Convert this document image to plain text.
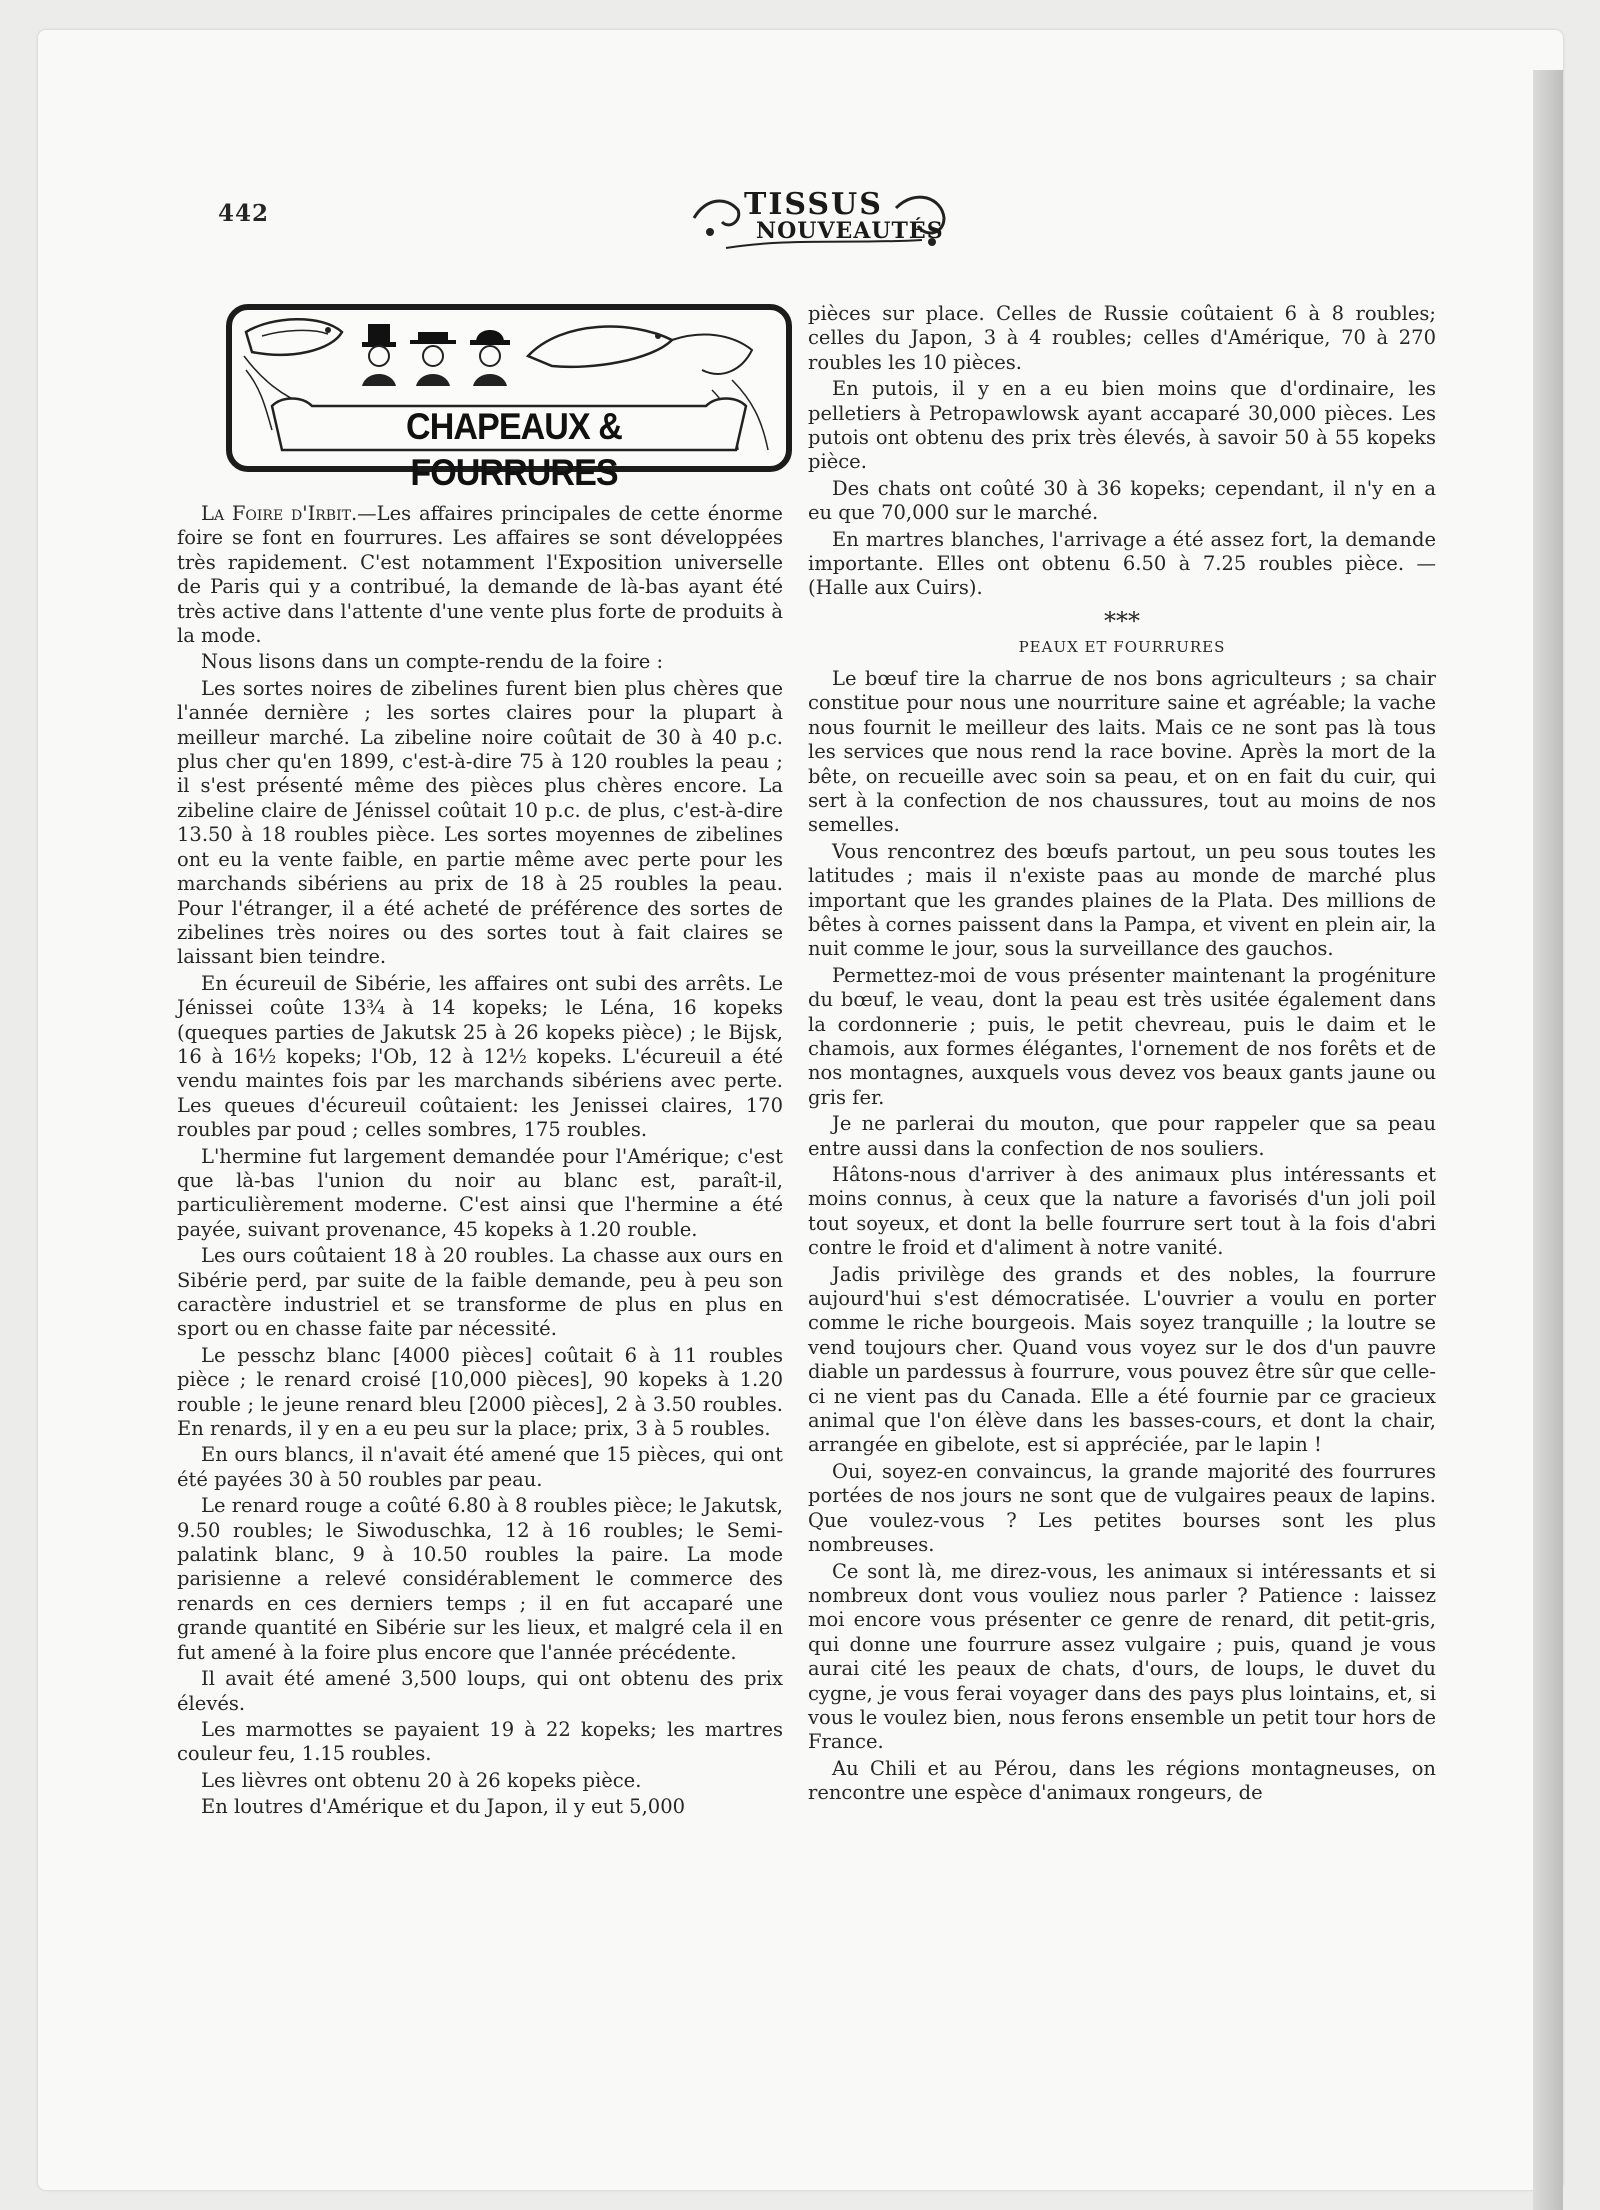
442	TISSUS
NOUVEAUTÉS
CHAPEAUX & FOURRURES

La Foire d'Irbit.—Les affaires principales de cette énorme foire se font en fourrures. Les affaires se sont développées très rapidement. C'est notamment l'Exposition universelle de Paris qui y a contribué, la demande de là-bas ayant été très active dans l'attente d'une vente plus forte de produits à la mode.

Nous lisons dans un compte-rendu de la foire :

Les sortes noires de zibelines furent bien plus chères que l'année dernière ; les sortes claires pour la plupart à meilleur marché. La zibeline noire coûtait de 30 à 40 p.c. plus cher qu'en 1899, c'est-à-dire 75 à 120 roubles la peau ; il s'est présenté même des pièces plus chères encore. La zibeline claire de Jénissel coûtait 10 p.c. de plus, c'est-à-dire 13.50 à 18 roubles pièce. Les sortes moyennes de zibelines ont eu la vente faible, en partie même avec perte pour les marchands sibériens au prix de 18 à 25 roubles la peau. Pour l'étranger, il a été acheté de préférence des sortes de zibelines très noires ou des sortes tout à fait claires se laissant bien teindre.

En écureuil de Sibérie, les affaires ont subi des arrêts. Le Jénissei coûte 13¾ à 14 kopeks; le Léna, 16 kopeks (queques parties de Jakutsk 25 à 26 kopeks pièce) ; le Bijsk, 16 à 16½ kopeks; l'Ob, 12 à 12½ kopeks. L'écureuil a été vendu maintes fois par les marchands sibériens avec perte. Les queues d'écureuil coûtaient: les Jenissei claires, 170 roubles par poud ; celles sombres, 175 roubles.

L'hermine fut largement demandée pour l'Amérique; c'est que là-bas l'union du noir au blanc est, paraît-il, particulièrement moderne. C'est ainsi que l'hermine a été payée, suivant provenance, 45 kopeks à 1.20 rouble.

Les ours coûtaient 18 à 20 roubles. La chasse aux ours en Sibérie perd, par suite de la faible demande, peu à peu son caractère industriel et se transforme de plus en plus en sport ou en chasse faite par nécessité.

Le pesschz blanc [4000 pièces] coûtait 6 à 11 roubles pièce ; le renard croisé [10,000 pièces], 90 kopeks à 1.20 rouble ; le jeune renard bleu [2000 pièces], 2 à 3.50 roubles. En renards, il y en a eu peu sur la place; prix, 3 à 5 roubles.

En ours blancs, il n'avait été amené que 15 pièces, qui ont été payées 30 à 50 roubles par peau.

Le renard rouge a coûté 6.80 à 8 roubles pièce; le Jakutsk, 9.50 roubles; le Siwoduschka, 12 à 16 roubles; le Semi-palatink blanc, 9 à 10.50 roubles la paire. La mode parisienne a relevé considérablement le commerce des renards en ces derniers temps ; il en fut accaparé une grande quantité en Sibérie sur les lieux, et malgré cela il en fut amené à la foire plus encore que l'année précédente.

Il avait été amené 3,500 loups, qui ont obtenu des prix élevés.

Les marmottes se payaient 19 à 22 kopeks; les martres couleur feu, 1.15 roubles.

Les lièvres ont obtenu 20 à 26 kopeks pièce.

En loutres d'Amérique et du Japon, il y eut 5,000

pièces sur place. Celles de Russie coûtaient 6 à 8 roubles; celles du Japon, 3 à 4 roubles; celles d'Amérique, 70 à 270 roubles les 10 pièces.

En putois, il y en a eu bien moins que d'ordinaire, les pelletiers à Petropawlowsk ayant accaparé 30,000 pièces. Les putois ont obtenu des prix très élevés, à savoir 50 à 55 kopeks pièce.

Des chats ont coûté 30 à 36 kopeks; cependant, il n'y en a eu que 70,000 sur le marché.

En martres blanches, l'arrivage a été assez fort, la demande importante. Elles ont obtenu 6.50 à 7.25 roubles pièce. — (Halle aux Cuirs).

***
PEAUX ET FOURRURES

Le bœuf tire la charrue de nos bons agriculteurs ; sa chair constitue pour nous une nourriture saine et agréable; la vache nous fournit le meilleur des laits. Mais ce ne sont pas là tous les services que nous rend la race bovine. Après la mort de la bête, on recueille avec soin sa peau, et on en fait du cuir, qui sert à la confection de nos chaussures, tout au moins de nos semelles.

Vous rencontrez des bœufs partout, un peu sous toutes les latitudes ; mais il n'existe paas au monde de marché plus important que les grandes plaines de la Plata. Des millions de bêtes à cornes paissent dans la Pampa, et vivent en plein air, la nuit comme le jour, sous la surveillance des gauchos.

Permettez-moi de vous présenter maintenant la progéniture du bœuf, le veau, dont la peau est très usitée également dans la cordonnerie ; puis, le petit chevreau, puis le daim et le chamois, aux formes élégantes, l'ornement de nos forêts et de nos montagnes, auxquels vous devez vos beaux gants jaune ou gris fer.

Je ne parlerai du mouton, que pour rappeler que sa peau entre aussi dans la confection de nos souliers.

Hâtons-nous d'arriver à des animaux plus intéressants et moins connus, à ceux que la nature a favorisés d'un joli poil tout soyeux, et dont la belle fourrure sert tout à la fois d'abri contre le froid et d'aliment à notre vanité.

Jadis privilège des grands et des nobles, la fourrure aujourd'hui s'est démocratisée. L'ouvrier a voulu en porter comme le riche bourgeois. Mais soyez tranquille ; la loutre se vend toujours cher. Quand vous voyez sur le dos d'un pauvre diable un pardessus à fourrure, vous pouvez être sûr que celle-ci ne vient pas du Canada. Elle a été fournie par ce gracieux animal que l'on élève dans les basses-cours, et dont la chair, arrangée en gibelote, est si appréciée, par le lapin !

Oui, soyez-en convaincus, la grande majorité des fourrures portées de nos jours ne sont que de vulgaires peaux de lapins. Que voulez-vous ? Les petites bourses sont les plus nombreuses.

Ce sont là, me direz-vous, les animaux si intéressants et si nombreux dont vous vouliez nous parler ? Patience : laissez moi encore vous présenter ce genre de renard, dit petit-gris, qui donne une fourrure assez vulgaire ; puis, quand je vous aurai cité les peaux de chats, d'ours, de loups, le duvet du cygne, je vous ferai voyager dans des pays plus lointains, et, si vous le voulez bien, nous ferons ensemble un petit tour hors de France.

Au Chili et au Pérou, dans les régions montagneuses, on rencontre une espèce d'animaux rongeurs, de
